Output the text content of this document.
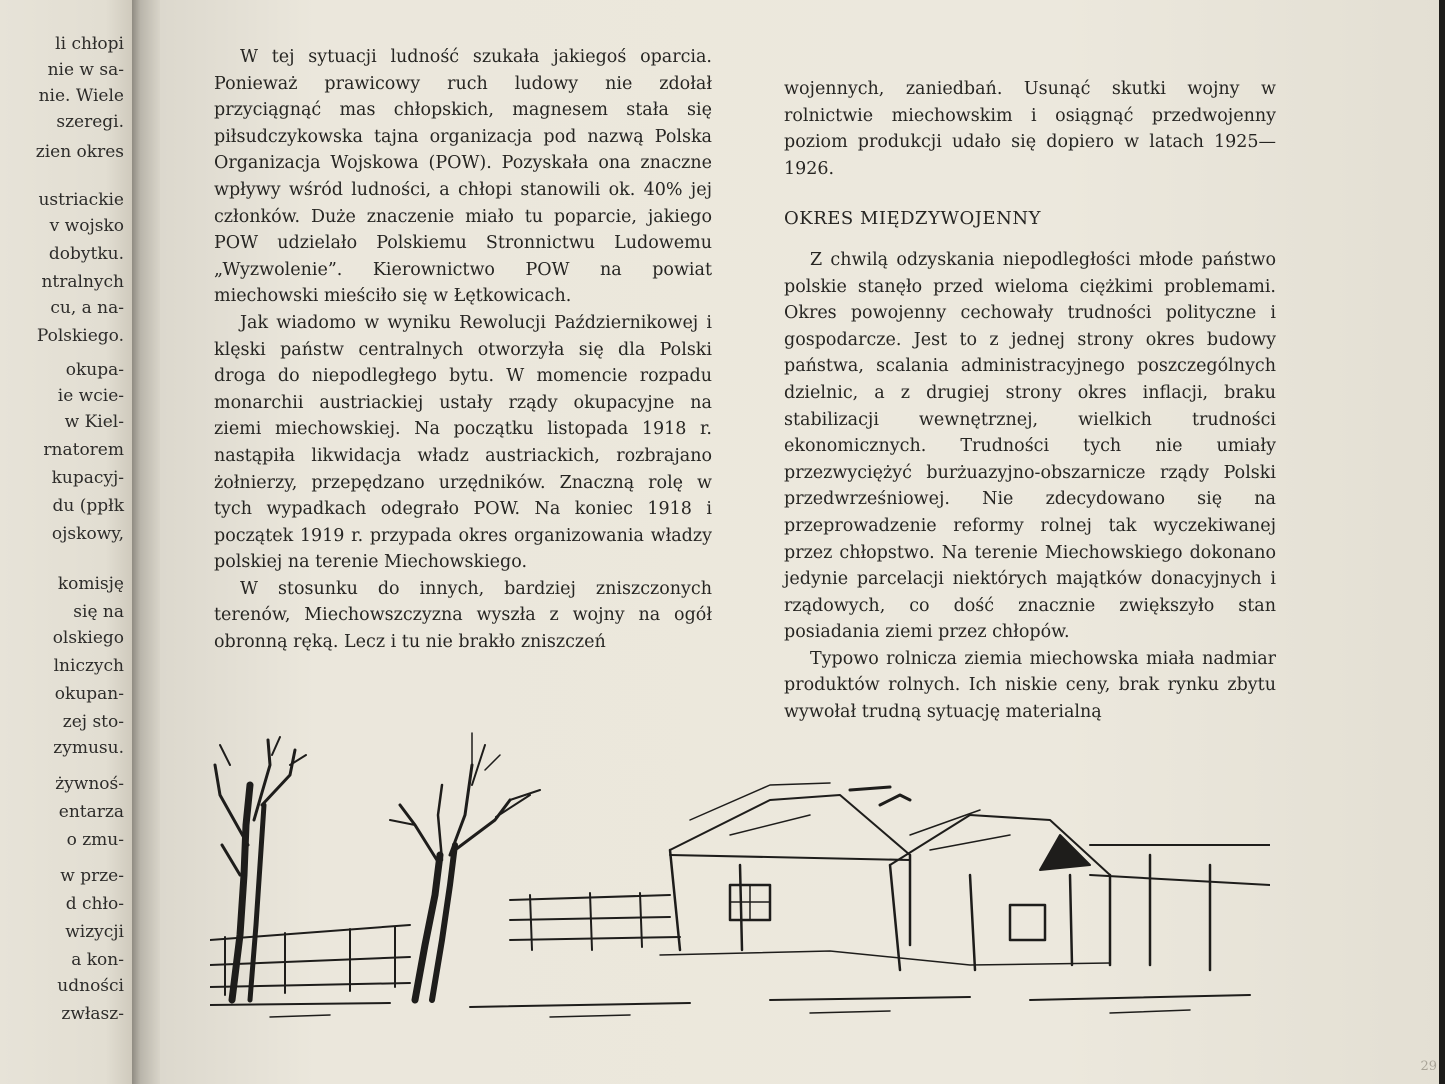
li chłopi
nie w sa-
nie. Wiele
szeregi.
zien okres
ustriackie
v wojsko
dobytku.
ntralnych
cu, a na-
Polskiego.
okupa-
ie wcie-
w Kiel-
rnatorem
kupacyj-
du (ppłk
ojskowy,
komisję
się na
olskiego
lniczych
okupan-
zej sto-
zymusu.
żywnoś-
entarza
o zmu-
w prze-
d chło-
wizycji
a kon-
udności
zwłasz-

W tej sytuacji ludność szukała jakiegoś oparcia. Ponieważ prawicowy ruch ludowy nie zdołał przyciągnąć mas chłopskich, magnesem stała się piłsudczykowska tajna organizacja pod nazwą Polska Organizacja Wojskowa (POW). Pozyskała ona znaczne wpływy wśród ludności, a chłopi stanowili ok. 40% jej członków. Duże znaczenie miało tu poparcie, jakiego POW udzielało Polskiemu Stronnictwu Ludowemu „Wyzwolenie”. Kierownictwo POW na powiat miechowski mieściło się w Łętkowicach.

Jak wiadomo w wyniku Rewolucji Październikowej i klęski państw centralnych otworzyła się dla Polski droga do niepodległego bytu. W momencie rozpadu monarchii austriackiej ustały rządy okupacyjne na ziemi miechowskiej. Na początku listopada 1918 r. nastąpiła likwidacja władz austriackich, rozbrajano żołnierzy, przepędzano urzędników. Znaczną rolę w tych wypadkach odegrało POW. Na koniec 1918 i początek 1919 r. przypada okres organizowania władzy polskiej na terenie Miechowskiego.

W stosunku do innych, bardziej zniszczonych terenów, Miechowszczyzna wyszła z wojny na ogół obronną ręką. Lecz i tu nie brakło zniszczeń

wojennych, zaniedbań. Usunąć skutki wojny w rolnictwie miechowskim i osiągnąć przedwojenny poziom produkcji udało się dopiero w latach 1925—1926.

OKRES MIĘDZYWOJENNY

Z chwilą odzyskania niepodległości młode państwo polskie stanęło przed wieloma ciężkimi problemami. Okres powojenny cechowały trudności polityczne i gospodarcze. Jest to z jednej strony okres budowy państwa, scalania administracyjnego poszczególnych dzielnic, a z drugiej strony okres inflacji, braku stabilizacji wewnętrznej, wielkich trudności ekonomicznych. Trudności tych nie umiały przezwyciężyć burżuazyjno-obszarnicze rządy Polski przedwrześniowej. Nie zdecydowano się na przeprowadzenie reformy rolnej tak wyczekiwanej przez chłopstwo. Na terenie Miechowskiego dokonano jedynie parcelacji niektórych majątków donacyjnych i rządowych, co dość znacznie zwiększyło stan posiadania ziemi przez chłopów.

Typowo rolnicza ziemia miechowska miała nadmiar produktów rolnych. Ich niskie ceny, brak rynku zbytu wywołał trudną sytuację materialną

29
